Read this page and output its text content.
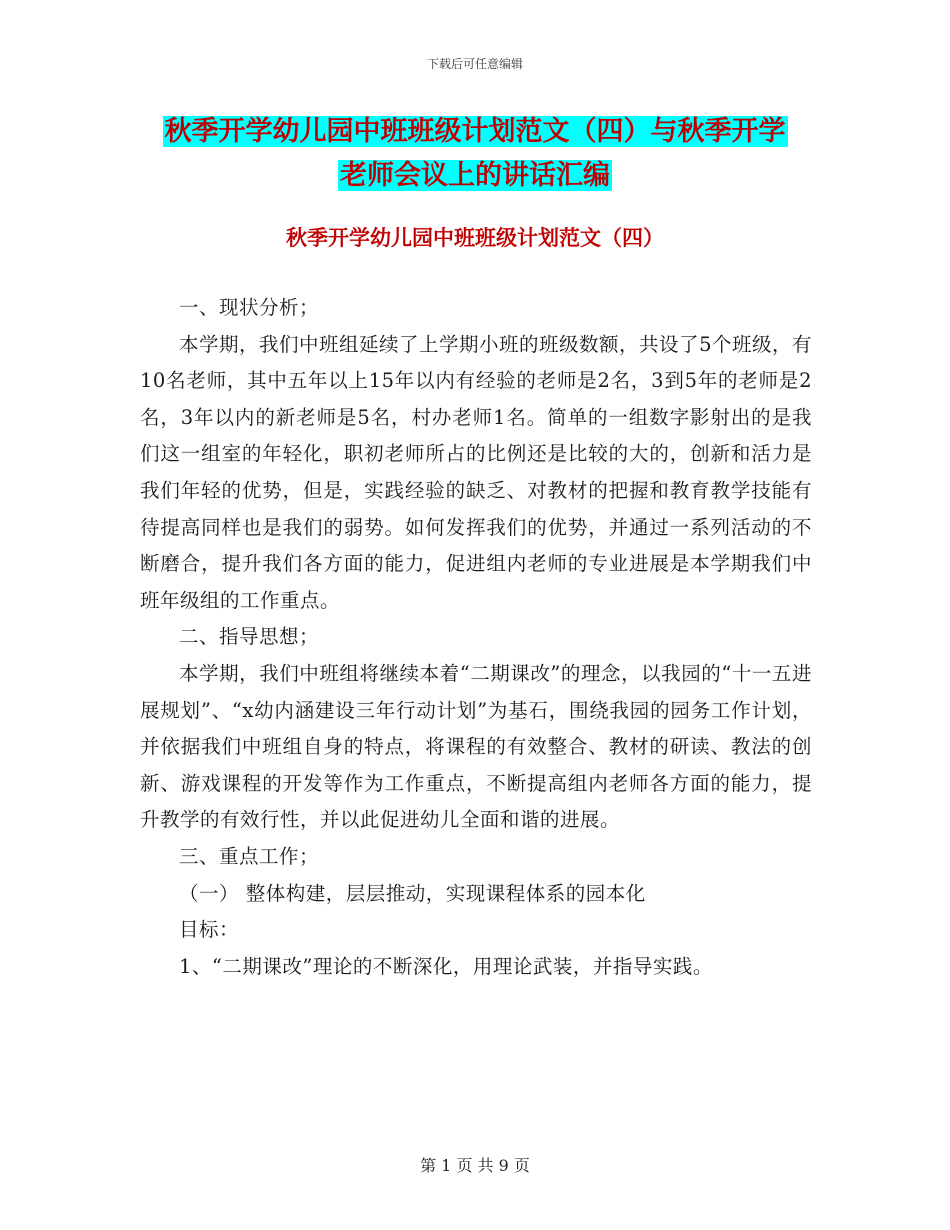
下载后可任意编辑
秋季开学幼儿园中班班级计划范文（四）与秋季开学
老师会议上的讲话汇编
秋季开学幼儿园中班班级计划范文（四）

一、现状分析；

本学期，我们中班组延续了上学期小班的班级数额，共设了5个班级，有10名老师，其中五年以上15年以内有经验的老师是2名，3到5年的老师是2名，3年以内的新老师是5名，村办老师1名。简单的一组数字影射出的是我们这一组室的年轻化，职初老师所占的比例还是比较的大的，创新和活力是我们年轻的优势，但是，实践经验的缺乏、对教材的把握和教育教学技能有待提高同样也是我们的弱势。如何发挥我们的优势，并通过一系列活动的不断磨合，提升我们各方面的能力，促进组内老师的专业进展是本学期我们中班年级组的工作重点。

二、指导思想；

本学期，我们中班组将继续本着“二期课改”的理念，以我园的“十一五进展规划”、“x幼内涵建设三年行动计划”为基石，围绕我园的园务工作计划，并依据我们中班组自身的特点，将课程的有效整合、教材的研读、教法的创新、游戏课程的开发等作为工作重点，不断提高组内老师各方面的能力，提升教学的有效行性，并以此促进幼儿全面和谐的进展。

三、重点工作；

（一） 整体构建，层层推动，实现课程体系的园本化

目标：

1、“二期课改”理论的不断深化，用理论武装，并指导实践。

第 1 页 共 9 页
